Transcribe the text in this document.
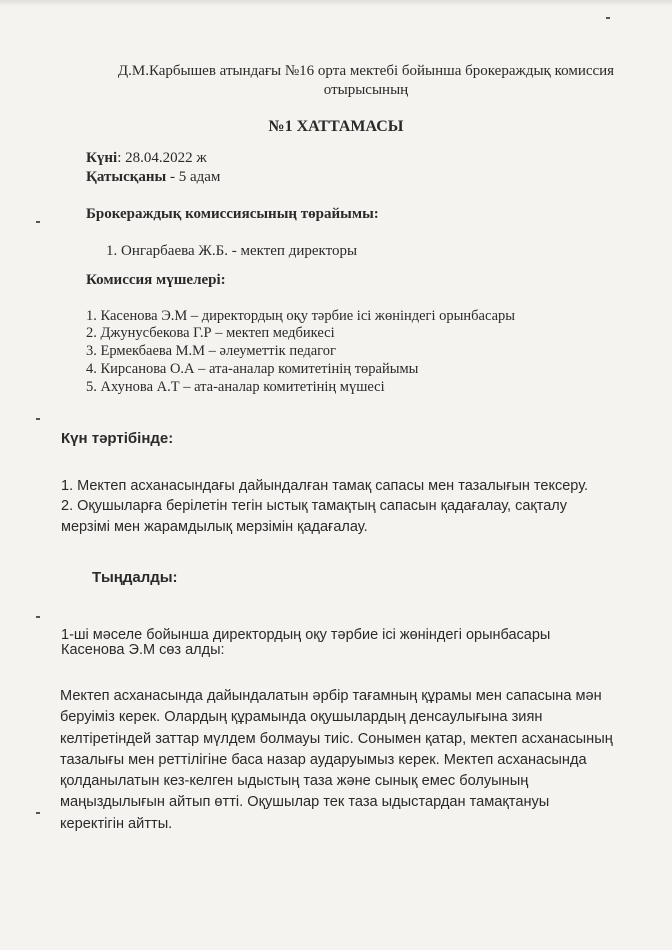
Д.М.Карбышев атындағы №16 орта мектебі бойынша брокераждық комиссия
отырысының
№1 ХАТТАМАСЫ
Күні: 28.04.2022 ж
Қатысқаны - 5 адам
Брокераждық комиссиясының төрайымы:
1. Онгарбаева Ж.Б. - мектеп директоры
Комиссия мүшелері:
1. Касенова Э.М – директордың оқу тәрбие ісі жөніндегі орынбасары
2. Джунусбекова Г.Р – мектеп медбикесі
3. Ермекбаева М.М – әлеуметтік педагог
4. Кирсанова О.А – ата-аналар комитетінің төрайымы
5. Ахунова А.Т – ата-аналар комитетінің мүшесі
Күн тәртібінде:
1. Мектеп асханасындағы дайындалған тамақ сапасы мен тазалығын тексеру.
2. Оқушыларға берілетін тегін ыстық тамақтың сапасын қадағалау, сақталу
мерзімі мен жарамдылық мерзімін қадағалау.
Тыңдалды:
1-ші мәселе бойынша директордың оқу тәрбие ісі жөніндегі орынбасары
Касенова Э.М сөз алды:
Мектеп асханасында дайындалатын әрбір тағамның құрамы мен сапасына мән
беруіміз керек. Олардың құрамында оқушылардың денсаулығына зиян
келтіретіндей заттар мүлдем болмауы тиіс. Сонымен қатар, мектеп асханасының
тазалығы мен реттілігіне баса назар аударуымыз керек. Мектеп асханасында
қолданылатын кез-келген ыдыстың таза және сынық емес болуының
маңыздылығын айтып өтті. Оқушылар тек таза ыдыстардан тамақтануы
керектігін айтты.
